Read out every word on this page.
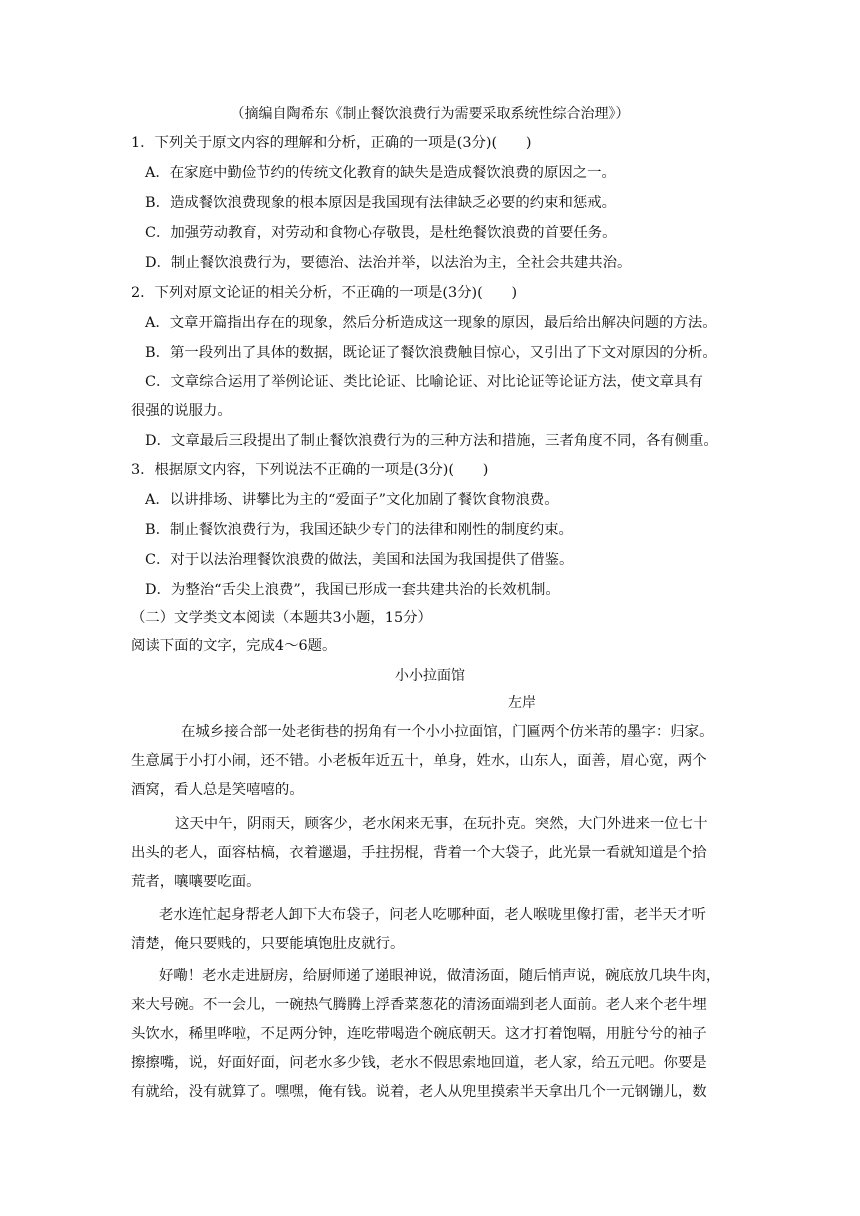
（摘编自陶希东《制止餐饮浪费行为需要采取系统性综合治理》）
1．下列关于原文内容的理解和分析，正确的一项是(3分)(　　)
A．在家庭中勤俭节约的传统文化教育的缺失是造成餐饮浪费的原因之一。
B．造成餐饮浪费现象的根本原因是我国现有法律缺乏必要的约束和惩戒。
C．加强劳动教育，对劳动和食物心存敬畏，是杜绝餐饮浪费的首要任务。
D．制止餐饮浪费行为，要德治、法治并举，以法治为主，全社会共建共治。
2．下列对原文论证的相关分析，不正确的一项是(3分)(　　)
A．文章开篇指出存在的现象，然后分析造成这一现象的原因，最后给出解决问题的方法。
B．第一段列出了具体的数据，既论证了餐饮浪费触目惊心，又引出了下文对原因的分析。
C．文章综合运用了举例论证、类比论证、比喻论证、对比论证等论证方法，使文章具有
很强的说服力。
D．文章最后三段提出了制止餐饮浪费行为的三种方法和措施，三者角度不同，各有侧重。
3．根据原文内容，下列说法不正确的一项是(3分)(　　)
A．以讲排场、讲攀比为主的“爱面子”文化加剧了餐饮食物浪费。
B．制止餐饮浪费行为，我国还缺少专门的法律和刚性的制度约束。
C．对于以法治理餐饮浪费的做法，美国和法国为我国提供了借鉴。
D．为整治“舌尖上浪费”，我国已形成一套共建共治的长效机制。
（二）文学类文本阅读（本题共3小题，15分）
阅读下面的文字，完成4～6题。
小小拉面馆
左岸
在城乡接合部一处老街巷的拐角有一个小小拉面馆，门匾两个仿米芾的墨字：归家。
生意属于小打小闹，还不错。小老板年近五十，单身，姓水，山东人，面善，眉心宽，两个
酒窝，看人总是笑嘻嘻的。
这天中午，阴雨天，顾客少，老水闲来无事，在玩扑克。突然，大门外进来一位七十
出头的老人，面容枯槁，衣着邋遢，手拄拐棍，背着一个大袋子，此光景一看就知道是个拾
荒者，嚷嚷要吃面。
老水连忙起身帮老人卸下大布袋子，问老人吃哪种面，老人喉咙里像打雷，老半天才听
清楚，俺只要贱的，只要能填饱肚皮就行。
好嘞！老水走进厨房，给厨师递了递眼神说，做清汤面，随后悄声说，碗底放几块牛肉，
来大号碗。不一会儿，一碗热气腾腾上浮香菜葱花的清汤面端到老人面前。老人来个老牛埋
头饮水，稀里哗啦，不足两分钟，连吃带喝造个碗底朝天。这才打着饱嗝，用脏兮兮的袖子
擦擦嘴，说，好面好面，问老水多少钱，老水不假思索地回道，老人家，给五元吧。你要是
有就给，没有就算了。嘿嘿，俺有钱。说着，老人从兜里摸索半天拿出几个一元钢镚儿，数
